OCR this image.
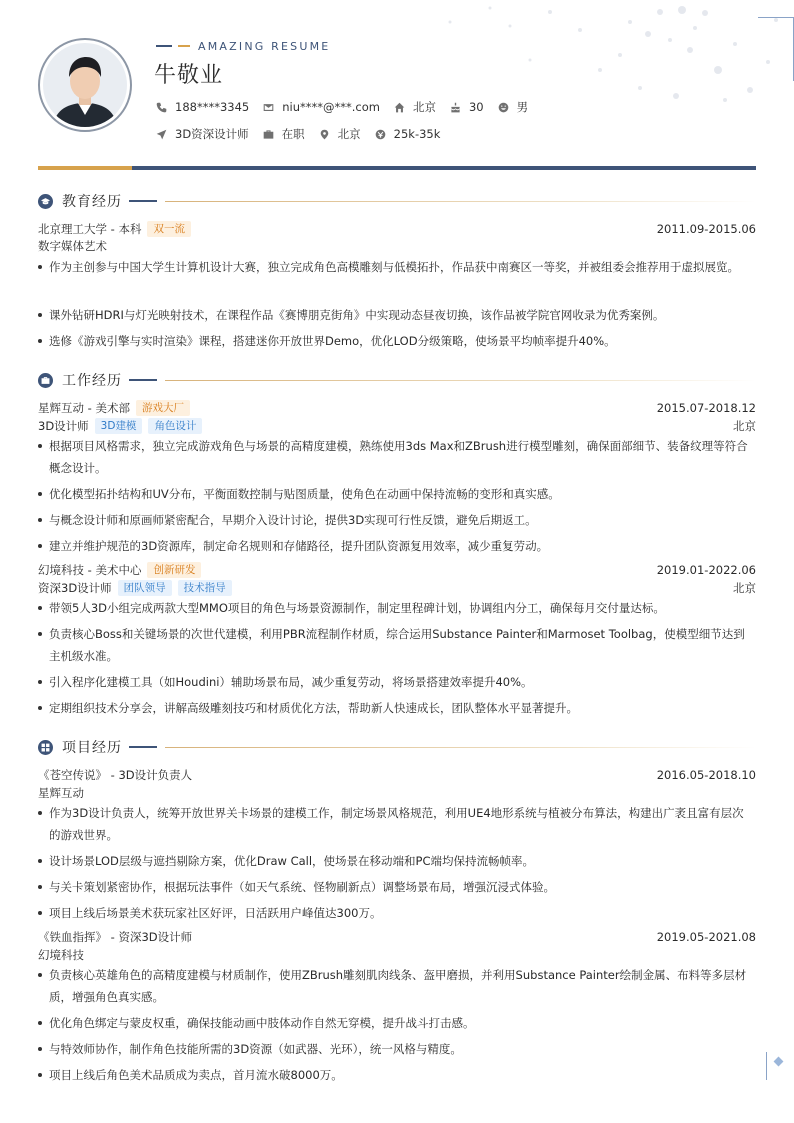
AMAZING RESUME
牛敬业
188****3345	niu****@***.com	北京	30	男
3D资深设计师	在职	北京	25k-35k
教育经历
北京理工大学 - 本科	双一流	2011.09-2015.06
数字媒体艺术
作为主创参与中国大学生计算机设计大赛，独立完成角色高模雕刻与低模拓扑，作品获中南赛区一等奖，并被组委会推荐用于虚拟展览。
课外钻研HDRI与灯光映射技术，在课程作品《赛博朋克街角》中实现动态昼夜切换，该作品被学院官网收录为优秀案例。
选修《游戏引擎与实时渲染》课程，搭建迷你开放世界Demo，优化LOD分级策略，使场景平均帧率提升40%。
工作经历
星辉互动 - 美术部	游戏大厂	2015.07-2018.12
3D设计师	3D建模	角色设计	北京
根据项目风格需求，独立完成游戏角色与场景的高精度建模，熟练使用3ds Max和ZBrush进行模型雕刻，确保面部细节、装备纹理等符合概念设计。
优化模型拓扑结构和UV分布，平衡面数控制与贴图质量，使角色在动画中保持流畅的变形和真实感。
与概念设计师和原画师紧密配合，早期介入设计讨论，提供3D实现可行性反馈，避免后期返工。
建立并维护规范的3D资源库，制定命名规则和存储路径，提升团队资源复用效率，减少重复劳动。
幻境科技 - 美术中心	创新研发	2019.01-2022.06
资深3D设计师	团队领导	技术指导	北京
带领5人3D小组完成两款大型MMO项目的角色与场景资源制作，制定里程碑计划，协调组内分工，确保每月交付量达标。
负责核心Boss和关键场景的次世代建模，利用PBR流程制作材质，综合运用Substance Painter和Marmoset Toolbag，使模型细节达到主机级水准。
引入程序化建模工具（如Houdini）辅助场景布局，减少重复劳动，将场景搭建效率提升40%。
定期组织技术分享会，讲解高级雕刻技巧和材质优化方法，帮助新人快速成长，团队整体水平显著提升。
项目经历
《苍空传说》 - 3D设计负责人	2016.05-2018.10
星辉互动
作为3D设计负责人，统筹开放世界关卡场景的建模工作，制定场景风格规范，利用UE4地形系统与植被分布算法，构建出广袤且富有层次的游戏世界。
设计场景LOD层级与遮挡剔除方案，优化Draw Call，使场景在移动端和PC端均保持流畅帧率。
与关卡策划紧密协作，根据玩法事件（如天气系统、怪物刷新点）调整场景布局，增强沉浸式体验。
项目上线后场景美术获玩家社区好评，日活跃用户峰值达300万。
《铁血指挥》 - 资深3D设计师	2019.05-2021.08
幻境科技
负责核心英雄角色的高精度建模与材质制作，使用ZBrush雕刻肌肉线条、盔甲磨损，并利用Substance Painter绘制金属、布料等多层材质，增强角色真实感。
优化角色绑定与蒙皮权重，确保技能动画中肢体动作自然无穿模，提升战斗打击感。
与特效师协作，制作角色技能所需的3D资源（如武器、光环），统一风格与精度。
项目上线后角色美术品质成为卖点，首月流水破8000万。
